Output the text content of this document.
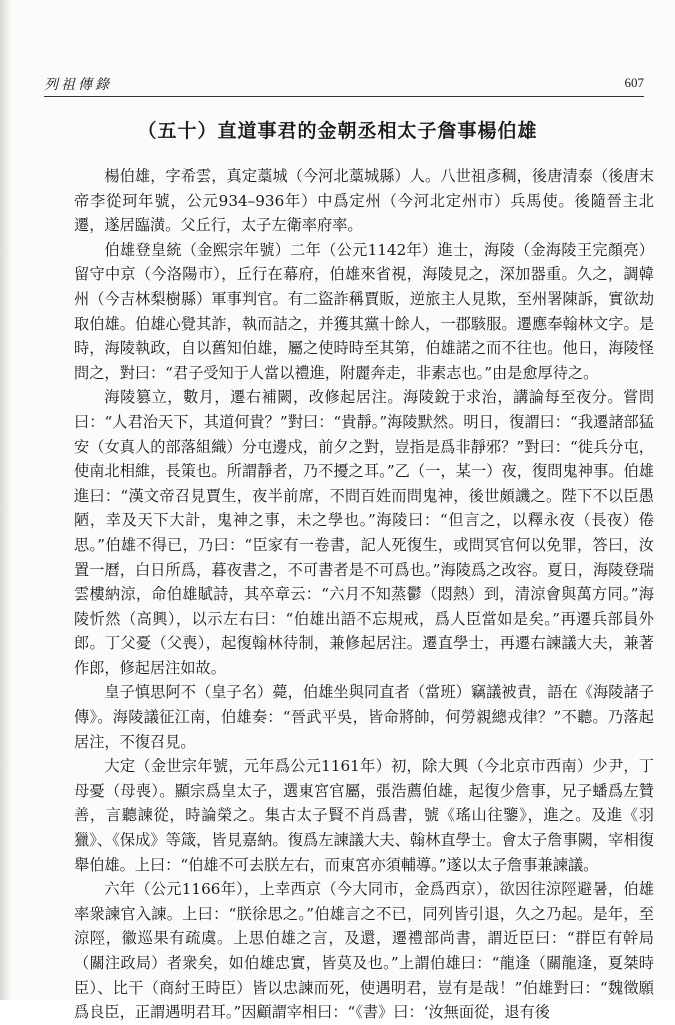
列祖傳錄	607
（五十）直道事君的金朝丞相太子詹事楊伯雄

楊伯雄，字希雲，真定藁城（今河北藁城縣）人。八世祖彥稠，後唐清泰（後唐末帝李從珂年號，公元934–936年）中爲定州（今河北定州市）兵馬使。後隨晉主北遷，遂居臨潢。父丘行，太子左衛率府率。

伯雄登皇統（金熙宗年號）二年（公元1142年）進士，海陵（金海陵王完顏亮）留守中京（今洛陽市），丘行在幕府，伯雄來省視，海陵見之，深加器重。久之，調韓州（今吉林梨樹縣）軍事判官。有二盜詐稱賈販，逆旅主人見欺，至州署陳訴，實欲劫取伯雄。伯雄心覺其詐，執而詰之，并獲其黨十餘人，一郡駭服。遷應奉翰林文字。是時，海陵執政，自以舊知伯雄，屬之使時時至其第，伯雄諾之而不往也。他日，海陵怪問之，對曰：“君子受知于人當以禮進，附麗奔走，非素志也。”由是愈厚待之。

海陵篡立，數月，遷右補闕，改修起居注。海陵銳于求治，講論每至夜分。嘗問曰：“人君治天下，其道何貴？”對曰：“貴靜。”海陵默然。明日，復謂曰：“我遷諸部猛安（女真人的部落組織）分屯邊戍，前夕之對，豈指是爲非靜邪？”對曰：“徙兵分屯，使南北相維，長策也。所謂靜者，乃不擾之耳。”乙（一，某一）夜，復問鬼神事。伯雄進曰：“漢文帝召見賈生，夜半前席，不問百姓而問鬼神，後世頗譏之。陛下不以臣愚陋，幸及天下大計，鬼神之事，未之學也。”海陵曰：“但言之，以釋永夜（長夜）倦思。”伯雄不得已，乃曰：“臣家有一卷書，記人死復生，或問冥官何以免罪，答曰，汝置一曆，白日所爲，暮夜書之，不可書者是不可爲也。”海陵爲之改容。夏日，海陵登瑞雲樓納涼，命伯雄賦詩，其卒章云：“六月不知蒸鬱（悶熱）到，清涼會與萬方同。”海陵忻然（高興），以示左右曰：“伯雄出語不忘規戒，爲人臣當如是矣。”再遷兵部員外郎。丁父憂（父喪），起復翰林待制，兼修起居注。遷直學士，再遷右諫議大夫，兼著作郎，修起居注如故。

皇子慎思阿不（皇子名）薨，伯雄坐與同直者（當班）竊議被責，語在《海陵諸子傳》。海陵議征江南，伯雄奏：“晉武平吳，皆命將帥，何勞親總戎律？”不聽。乃落起居注，不復召見。

大定（金世宗年號，元年爲公元1161年）初，除大興（今北京市西南）少尹，丁母憂（母喪）。顯宗爲皇太子，選東宮官屬，張浩薦伯雄，起復少詹事，兄子蟠爲左贊善，言聽諫從，時論榮之。集古太子賢不肖爲書，號《瑤山往鑒》，進之。及進《羽獵》、《保成》等箴，皆見嘉納。復爲左諫議大夫、翰林直學士。會太子詹事闕，宰相復舉伯雄。上曰：“伯雄不可去朕左右，而東宮亦須輔導。”遂以太子詹事兼諫議。

六年（公元1166年），上幸西京（今大同市，金爲西京），欲因往涼陘避暑，伯雄率衆諫官入諫。上曰：“朕徐思之。”伯雄言之不已，同列皆引退，久之乃起。是年，至涼陘，徽巡果有疏虞。上思伯雄之言，及還，遷禮部尚書，謂近臣曰：“群臣有幹局（關注政局）者衆矣，如伯雄忠實，皆莫及也。”上謂伯雄曰：“龍逢（關龍逢，夏桀時臣）、比干（商紂王時臣）皆以忠諫而死，使遇明君，豈有是哉！”伯雄對曰：“魏徵願爲良臣，正謂遇明君耳。”因顧謂宰相曰：“《書》曰：‘汝無面從，退有後
